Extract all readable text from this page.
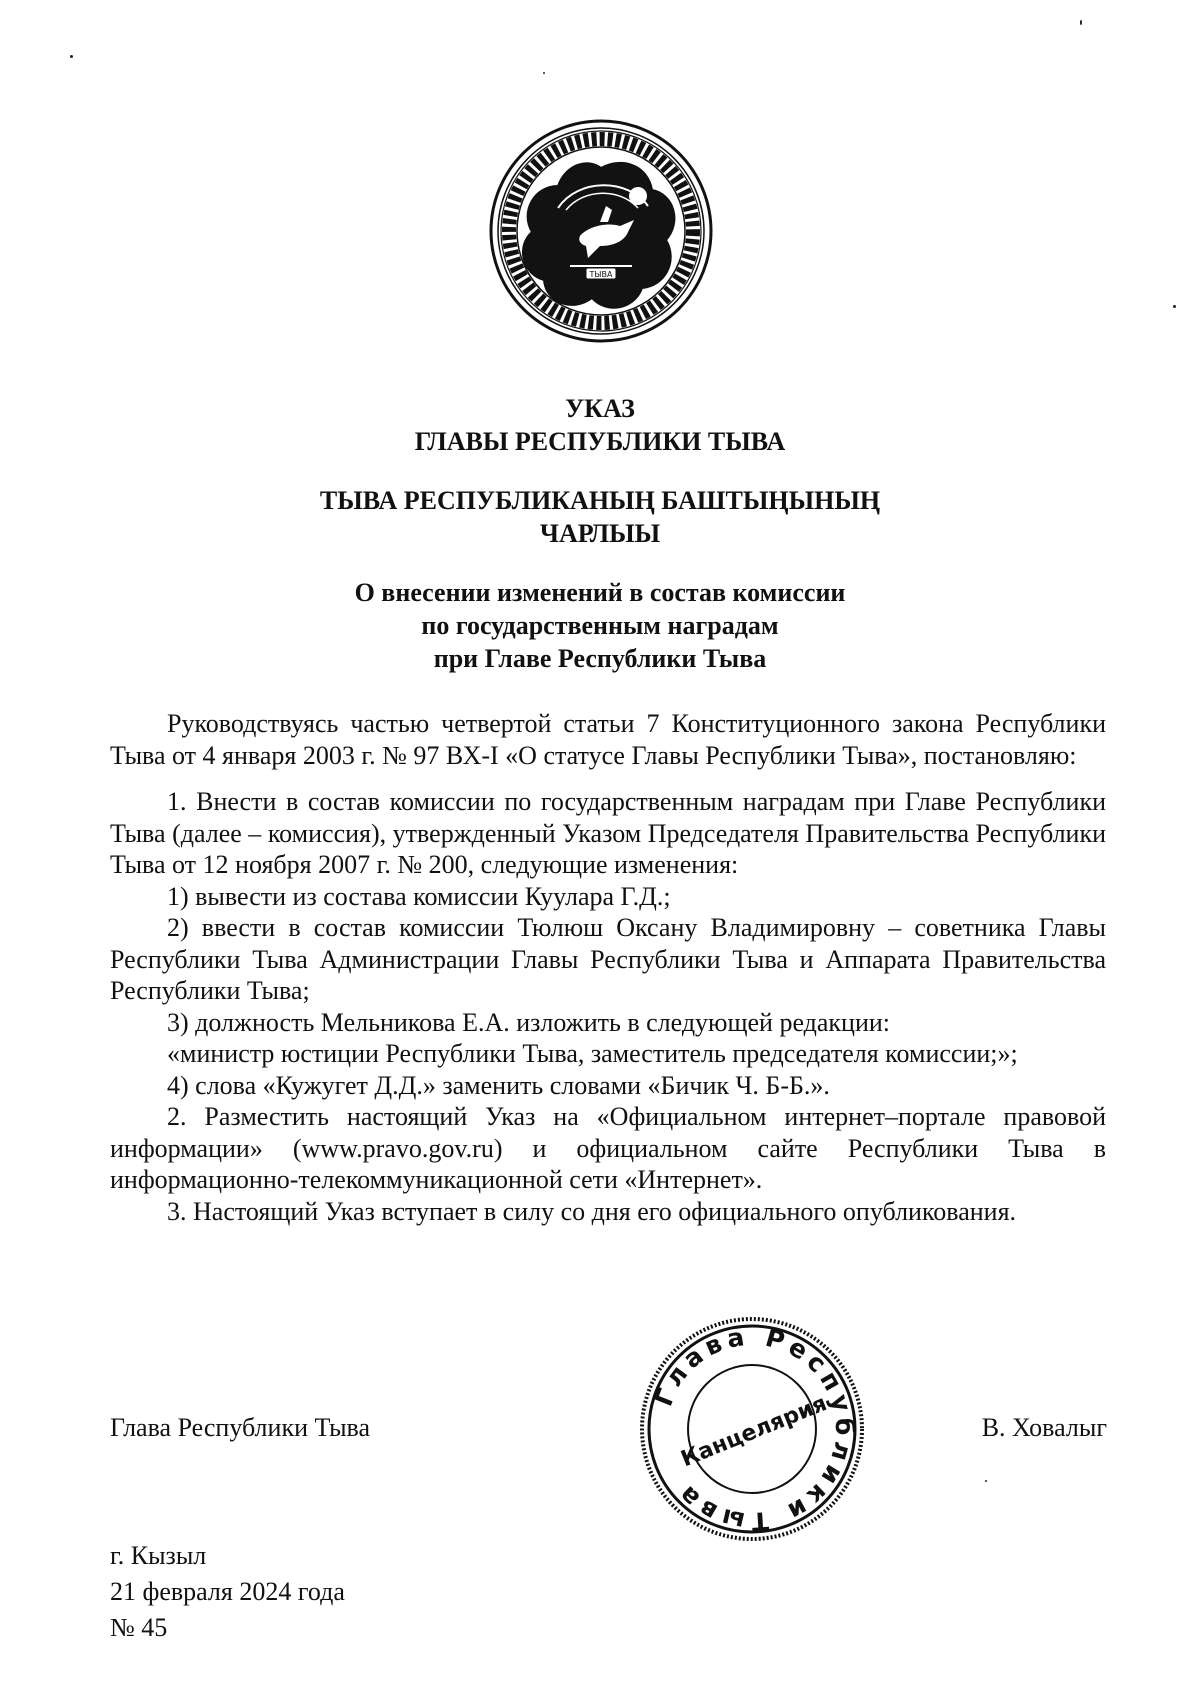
ТЫВА
УКАЗ
ГЛАВЫ РЕСПУБЛИКИ ТЫВА
ТЫВА РЕСПУБЛИКАНЫҢ БАШТЫҢЫНЫҢ
ЧАРЛЫЫ
О внесении изменений в состав комиссии
по государственным наградам
при Главе Республики Тыва

Руководствуясь частью четвертой статьи 7 Конституционного закона Республики Тыва от 4 января 2003 г. № 97 ВХ-I «О статусе Главы Республики Тыва», постановляю:

1. Внести в состав комиссии по государственным наградам при Главе Республики Тыва (далее – комиссия), утвержденный Указом Председателя Правительства Республики Тыва от 12 ноября 2007 г. № 200, следующие изменения:

1) вывести из состава комиссии Куулара Г.Д.;

2) ввести в состав комиссии Тюлюш Оксану Владимировну – советника Главы Республики Тыва Администрации Главы Республики Тыва и Аппарата Правительства Республики Тыва;

3) должность Мельникова Е.А. изложить в следующей редакции:

«министр юстиции Республики Тыва, заместитель председателя комиссии;»;

4) слова «Кужугет Д.Д.» заменить словами «Бичик Ч. Б-Б.».

2. Разместить настоящий Указ на «Официальном интернет–портале правовой информации» (www.pravo.gov.ru) и официальном сайте Республики Тыва в информационно-телекоммуникационной сети «Интернет».

3. Настоящий Указ вступает в силу со дня его официального опубликования.

Глава Республики Тыва	В. Ховалыг
Глава Республики Тыва
Канцелярия
г. Кызыл
21 февраля 2024 года
№ 45
